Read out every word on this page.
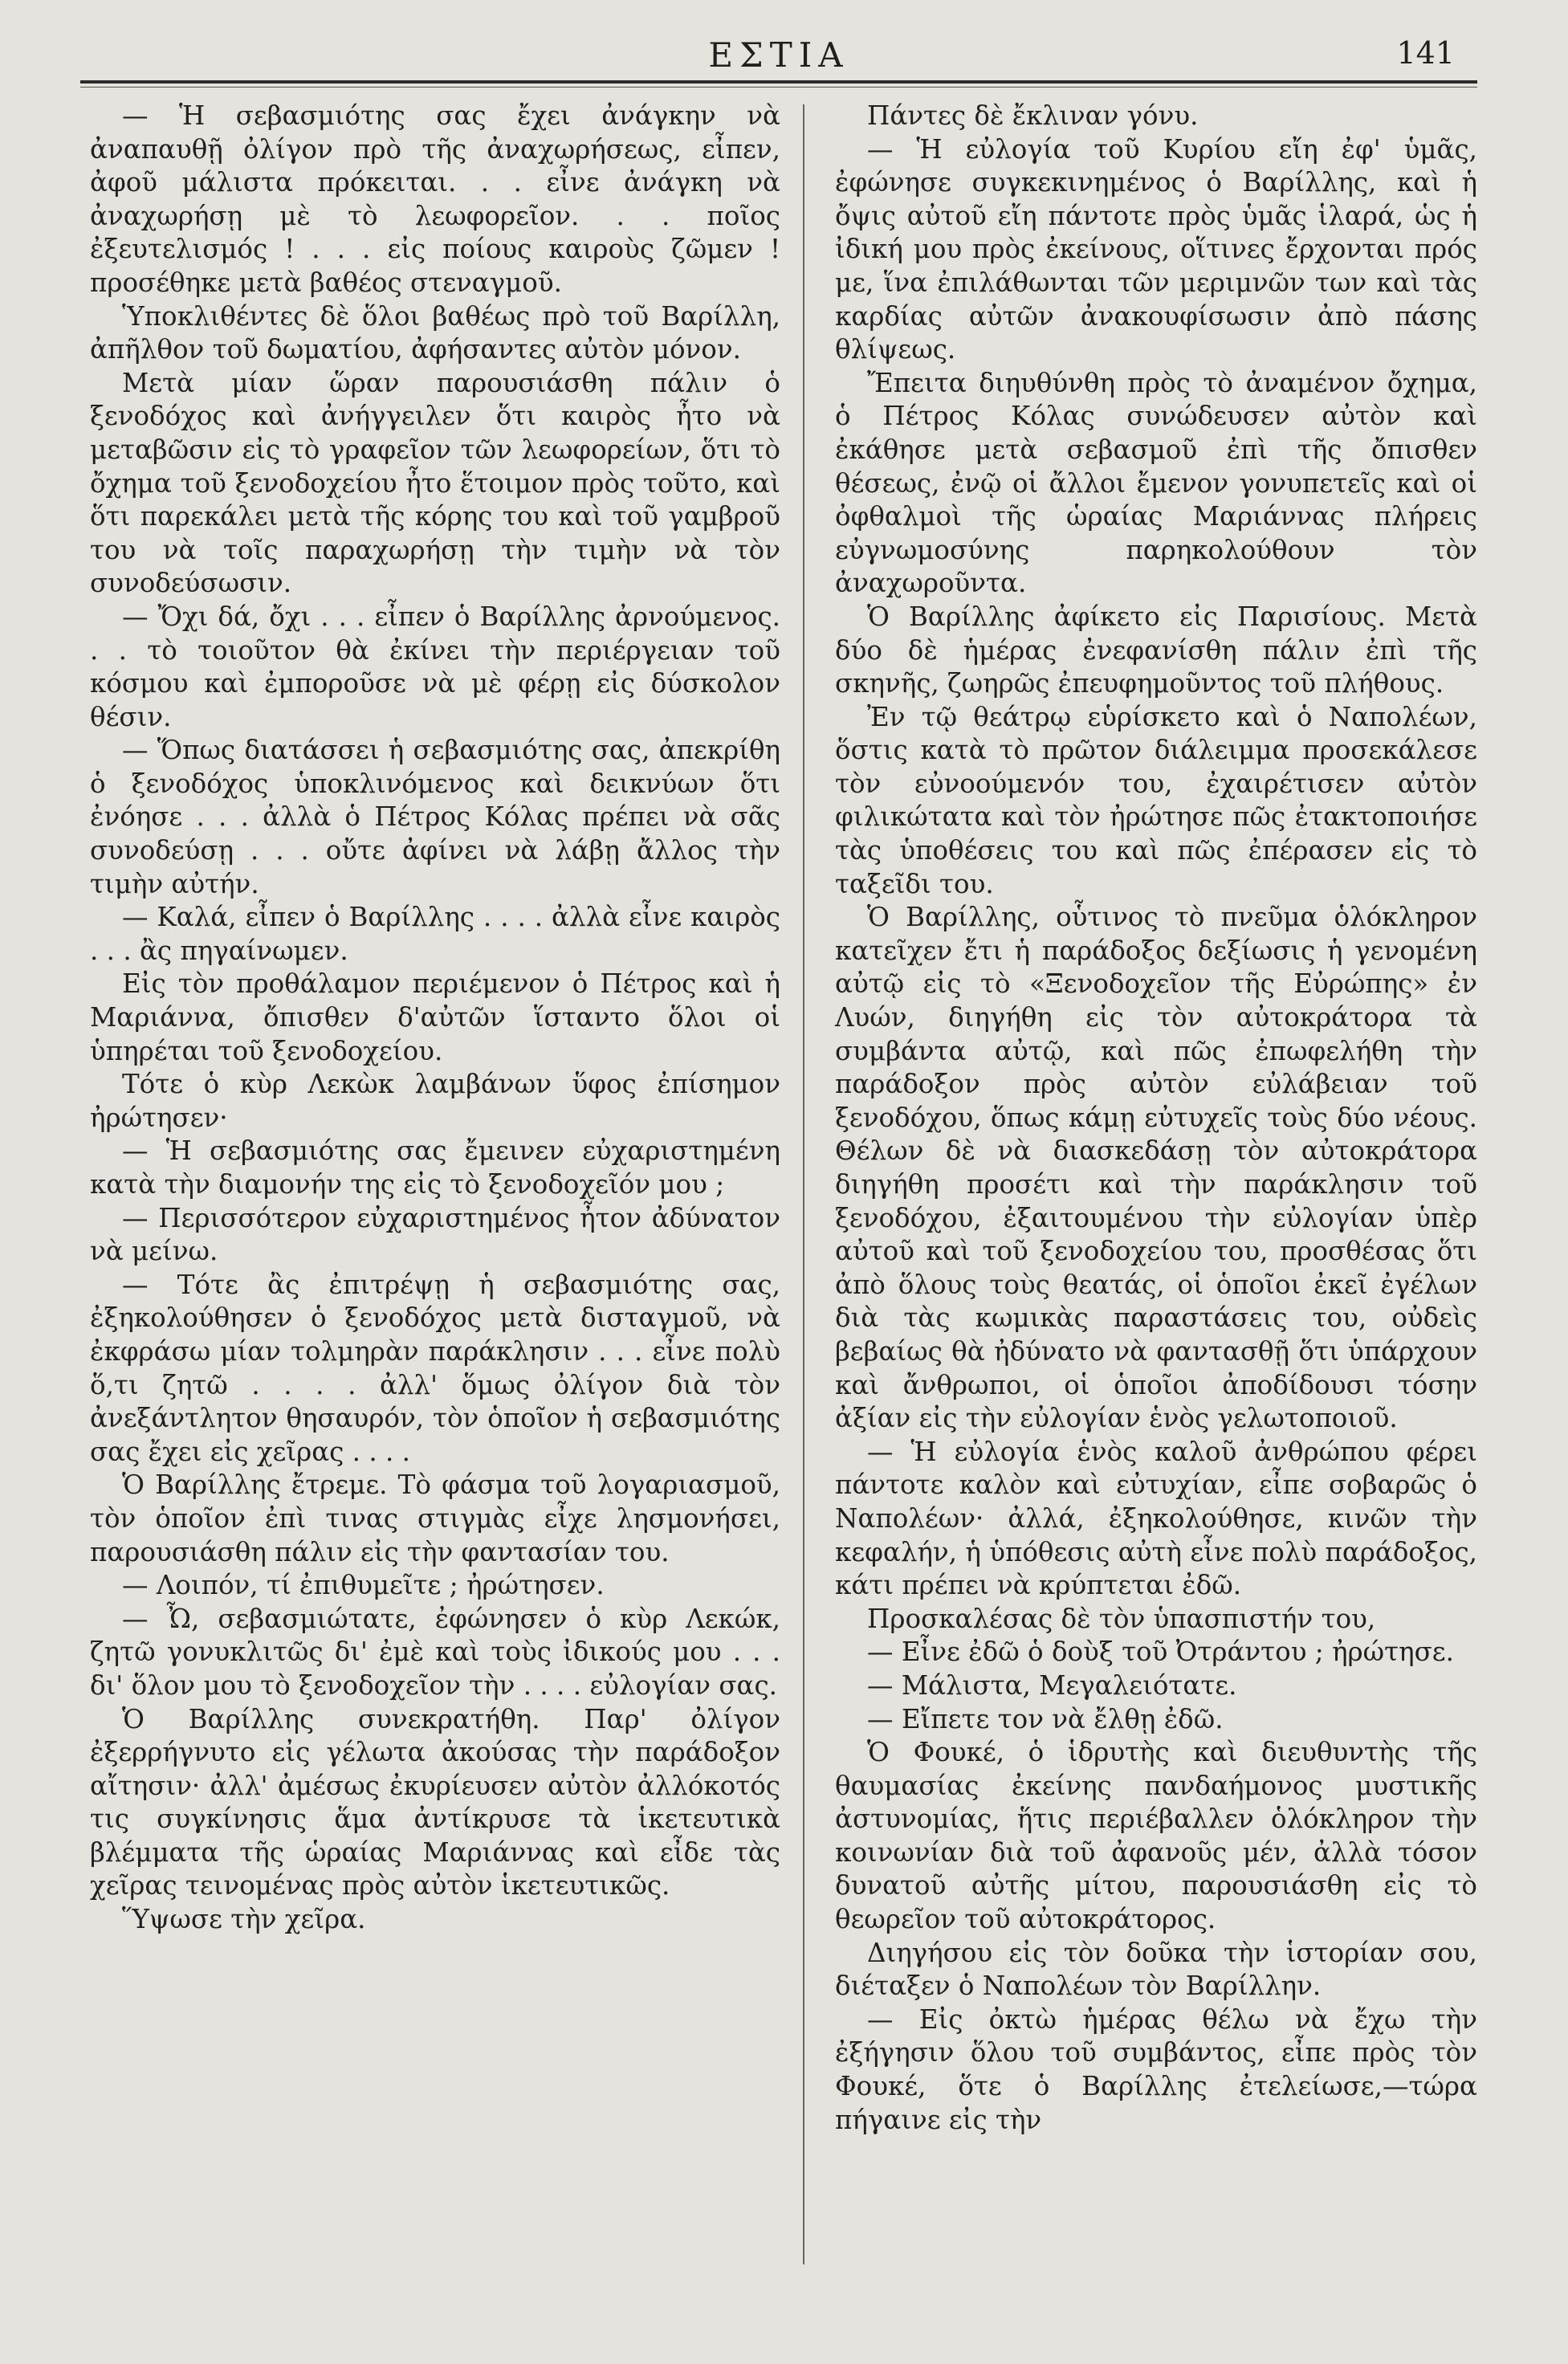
ΕΣΤΙΑ	141

— Ἡ σεβασμιότης σας ἔχει ἀνάγκην νὰ ἀναπαυθῇ ὀλίγον πρὸ τῆς ἀναχωρήσεως, εἶπεν, ἀφοῦ μάλιστα πρόκειται. . . εἶνε ἀνάγκη νὰ ἀναχωρήσῃ μὲ τὸ λεωφορεῖον. . . ποῖος ἐξευτελισμός ! . . . εἰς ποίους καιροὺς ζῶμεν ! προσέθηκε μετὰ βαθέος στεναγμοῦ.

Ὑποκλιθέντες δὲ ὅλοι βαθέως πρὸ τοῦ Βαρίλλη, ἀπῆλθον τοῦ δωματίου, ἀφήσαντες αὐτὸν μόνον.

Μετὰ μίαν ὥραν παρουσιάσθη πάλιν ὁ ξενοδόχος καὶ ἀνήγγειλεν ὅτι καιρὸς ἦτο νὰ μεταβῶσιν εἰς τὸ γραφεῖον τῶν λεωφορείων, ὅτι τὸ ὄχημα τοῦ ξενοδοχείου ἦτο ἕτοιμον πρὸς τοῦτο, καὶ ὅτι παρεκάλει μετὰ τῆς κόρης του καὶ τοῦ γαμβροῦ του νὰ τοῖς παραχωρήσῃ τὴν τιμὴν νὰ τὸν συνοδεύσωσιν.

— Ὄχι δά, ὄχι . . . εἶπεν ὁ Βαρίλλης ἀρνούμενος. . . τὸ τοιοῦτον θὰ ἐκίνει τὴν περιέργειαν τοῦ κόσμου καὶ ἐμποροῦσε νὰ μὲ φέρῃ εἰς δύσκολον θέσιν.

— Ὅπως διατάσσει ἡ σεβασμιότης σας, ἀπεκρίθη ὁ ξενοδόχος ὑποκλινόμενος καὶ δεικνύων ὅτι ἐνόησε . . . ἀλλὰ ὁ Πέτρος Κόλας πρέπει νὰ σᾶς συνοδεύσῃ . . . οὔτε ἀφίνει νὰ λάβῃ ἄλλος τὴν τιμὴν αὐτήν.

— Καλά, εἶπεν ὁ Βαρίλλης . . . . ἀλλὰ εἶνε καιρὸς . . . ἂς πηγαίνωμεν.

Εἰς τὸν προθάλαμον περιέμενον ὁ Πέτρος καὶ ἡ Μαριάννα, ὄπισθεν δ'αὐτῶν ἵσταντο ὅλοι οἱ ὑπηρέται τοῦ ξενοδοχείου.

Τότε ὁ κὺρ Λεκὼκ λαμβάνων ὕφος ἐπίσημον ἠρώτησεν·

— Ἡ σεβασμιότης σας ἔμεινεν εὐχαριστημένη κατὰ τὴν διαμονήν της εἰς τὸ ξενοδοχεῖόν μου ;

— Περισσότερον εὐχαριστημένος ἦτον ἀδύνατον νὰ μείνω.

— Τότε ἂς ἐπιτρέψῃ ἡ σεβασμιότης σας, ἐξηκολούθησεν ὁ ξενοδόχος μετὰ δισταγμοῦ, νὰ ἐκφράσω μίαν τολμηρὰν παράκλησιν . . . εἶνε πολὺ ὅ,τι ζητῶ . . . . ἀλλ' ὅμως ὀλίγον διὰ τὸν ἀνεξάντλητον θησαυρόν, τὸν ὁποῖον ἡ σεβασμιότης σας ἔχει εἰς χεῖρας . . . .

Ὁ Βαρίλλης ἔτρεμε. Τὸ φάσμα τοῦ λογαριασμοῦ, τὸν ὁποῖον ἐπὶ τινας στιγμὰς εἶχε λησμονήσει, παρουσιάσθη πάλιν εἰς τὴν φαντασίαν του.

— Λοιπόν, τί ἐπιθυμεῖτε ; ἠρώτησεν.

— Ὦ, σεβασμιώτατε, ἐφώνησεν ὁ κὺρ Λεκώκ, ζητῶ γονυκλιτῶς δι' ἐμὲ καὶ τοὺς ἰδικούς μου . . . δι' ὅλον μου τὸ ξενοδοχεῖον τὴν . . . . εὐλογίαν σας.

Ὁ Βαρίλλης συνεκρατήθη. Παρ' ὀλίγον ἐξερρήγνυτο εἰς γέλωτα ἀκούσας τὴν παράδοξον αἴτησιν· ἀλλ' ἀμέσως ἐκυρίευσεν αὐτὸν ἀλλόκοτός τις συγκίνησις ἅμα ἀντίκρυσε τὰ ἱκετευτικὰ βλέμματα τῆς ὡραίας Μαριάννας καὶ εἶδε τὰς χεῖρας τεινομένας πρὸς αὐτὸν ἱκετευτικῶς.

Ὕψωσε τὴν χεῖρα.

Πάντες δὲ ἔκλιναν γόνυ.

— Ἡ εὐλογία τοῦ Κυρίου εἴη ἐφ' ὑμᾶς, ἐφώνησε συγκεκινημένος ὁ Βαρίλλης, καὶ ἡ ὄψις αὐτοῦ εἴη πάντοτε πρὸς ὑμᾶς ἱλαρά, ὡς ἡ ἰδική μου πρὸς ἐκείνους, οἵτινες ἔρχονται πρός με, ἵνα ἐπιλάθωνται τῶν μεριμνῶν των καὶ τὰς καρδίας αὐτῶν ἀνακουφίσωσιν ἀπὸ πάσης θλίψεως.

Ἔπειτα διηυθύνθη πρὸς τὸ ἀναμένον ὄχημα, ὁ Πέτρος Κόλας συνώδευσεν αὐτὸν καὶ ἐκάθησε μετὰ σεβασμοῦ ἐπὶ τῆς ὄπισθεν θέσεως, ἐνῷ οἱ ἄλλοι ἔμενον γονυπετεῖς καὶ οἱ ὀφθαλμοὶ τῆς ὡραίας Μαριάννας πλήρεις εὐγνωμοσύνης παρηκολούθουν τὸν ἀναχωροῦντα.

Ὁ Βαρίλλης ἀφίκετο εἰς Παρισίους. Μετὰ δύο δὲ ἡμέρας ἐνεφανίσθη πάλιν ἐπὶ τῆς σκηνῆς, ζωηρῶς ἐπευφημοῦντος τοῦ πλήθους.

Ἐν τῷ θεάτρῳ εὑρίσκετο καὶ ὁ Ναπολέων, ὅστις κατὰ τὸ πρῶτον διάλειμμα προσεκάλεσε τὸν εὐνοούμενόν του, ἐχαιρέτισεν αὐτὸν φιλικώτατα καὶ τὸν ἠρώτησε πῶς ἐτακτοποιήσε τὰς ὑποθέσεις του καὶ πῶς ἐπέρασεν εἰς τὸ ταξεῖδι του.

Ὁ Βαρίλλης, οὗτινος τὸ πνεῦμα ὁλόκληρον κατεῖχεν ἔτι ἡ παράδοξος δεξίωσις ἡ γενομένη αὐτῷ εἰς τὸ «Ξενοδοχεῖον τῆς Εὐρώπης» ἐν Λυών, διηγήθη εἰς τὸν αὐτοκράτορα τὰ συμβάντα αὐτῷ, καὶ πῶς ἐπωφελήθη τὴν παράδοξον πρὸς αὐτὸν εὐλάβειαν τοῦ ξενοδόχου, ὅπως κάμῃ εὐτυχεῖς τοὺς δύο νέους. Θέλων δὲ νὰ διασκεδάσῃ τὸν αὐτοκράτορα διηγήθη προσέτι καὶ τὴν παράκλησιν τοῦ ξενοδόχου, ἐξαιτουμένου τὴν εὐλογίαν ὑπὲρ αὐτοῦ καὶ τοῦ ξενοδοχείου του, προσθέσας ὅτι ἀπὸ ὅλους τοὺς θεατάς, οἱ ὁποῖοι ἐκεῖ ἐγέλων διὰ τὰς κωμικὰς παραστάσεις του, οὐδεὶς βεβαίως θὰ ἠδύνατο νὰ φαντασθῇ ὅτι ὑπάρχουν καὶ ἄνθρωποι, οἱ ὁποῖοι ἀποδίδουσι τόσην ἀξίαν εἰς τὴν εὐλογίαν ἑνὸς γελωτοποιοῦ.

— Ἡ εὐλογία ἑνὸς καλοῦ ἀνθρώπου φέρει πάντοτε καλὸν καὶ εὐτυχίαν, εἶπε σοβαρῶς ὁ Ναπολέων· ἀλλά, ἐξηκολούθησε, κινῶν τὴν κεφαλήν, ἡ ὑπόθεσις αὐτὴ εἶνε πολὺ παράδοξος, κάτι πρέπει νὰ κρύπτεται ἐδῶ.

Προσκαλέσας δὲ τὸν ὑπασπιστήν του,

— Εἶνε ἐδῶ ὁ δοὺξ τοῦ Ὀτράντου ; ἠρώτησε.

— Μάλιστα, Μεγαλειότατε.

— Εἴπετε τον νὰ ἔλθῃ ἐδῶ.

Ὁ Φουκέ, ὁ ἱδρυτὴς καὶ διευθυντὴς τῆς θαυμασίας ἐκείνης πανδαήμονος μυστικῆς ἀστυνομίας, ἥτις περιέβαλλεν ὁλόκληρον τὴν κοινωνίαν διὰ τοῦ ἀφανοῦς μέν, ἀλλὰ τόσον δυνατοῦ αὐτῆς μίτου, παρουσιάσθη εἰς τὸ θεωρεῖον τοῦ αὐτοκράτορος.

Διηγήσου εἰς τὸν δοῦκα τὴν ἱστορίαν σου, διέταξεν ὁ Ναπολέων τὸν Βαρίλλην.

— Εἰς ὀκτὼ ἡμέρας θέλω νὰ ἔχω τὴν ἐξήγησιν ὅλου τοῦ συμβάντος, εἶπε πρὸς τὸν Φουκέ, ὅτε ὁ Βαρίλλης ἐτελείωσε,—τώρα πήγαινε εἰς τὴν
